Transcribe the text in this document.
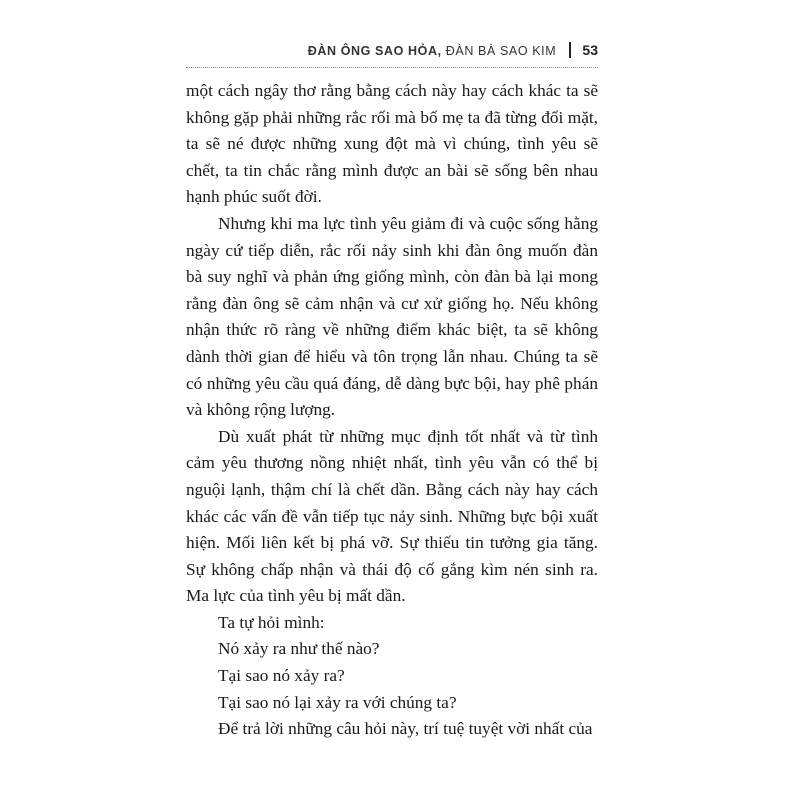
ĐÀN ÔNG SAO HỎA, ĐÀN BÀ SAO KIM 53

một cách ngây thơ rằng bằng cách này hay cách khác ta sẽ không gặp phải những rắc rối mà bố mẹ ta đã từng đối mặt, ta sẽ né được những xung đột mà vì chúng, tình yêu sẽ chết, ta tin chắc rằng mình được an bài sẽ sống bên nhau hạnh phúc suốt đời.

Nhưng khi ma lực tình yêu giảm đi và cuộc sống hằng ngày cứ tiếp diễn, rắc rối nảy sinh khi đàn ông muốn đàn bà suy nghĩ và phản ứng giống mình, còn đàn bà lại mong rằng đàn ông sẽ cảm nhận và cư xử giống họ. Nếu không nhận thức rõ ràng về những điểm khác biệt, ta sẽ không dành thời gian để hiểu và tôn trọng lẫn nhau. Chúng ta sẽ có những yêu cầu quá đáng, dễ dàng bực bội, hay phê phán và không rộng lượng.

Dù xuất phát từ những mục định tốt nhất và từ tình cảm yêu thương nồng nhiệt nhất, tình yêu vẫn có thể bị nguội lạnh, thậm chí là chết dần. Bằng cách này hay cách khác các vấn đề vẫn tiếp tục nảy sinh. Những bực bội xuất hiện. Mối liên kết bị phá vỡ. Sự thiếu tin tưởng gia tăng. Sự không chấp nhận và thái độ cố gắng kìm nén sinh ra. Ma lực của tình yêu bị mất dần.

Ta tự hỏi mình:

Nó xảy ra như thế nào?

Tại sao nó xảy ra?

Tại sao nó lại xảy ra với chúng ta?

Để trả lời những câu hỏi này, trí tuệ tuyệt vời nhất của
